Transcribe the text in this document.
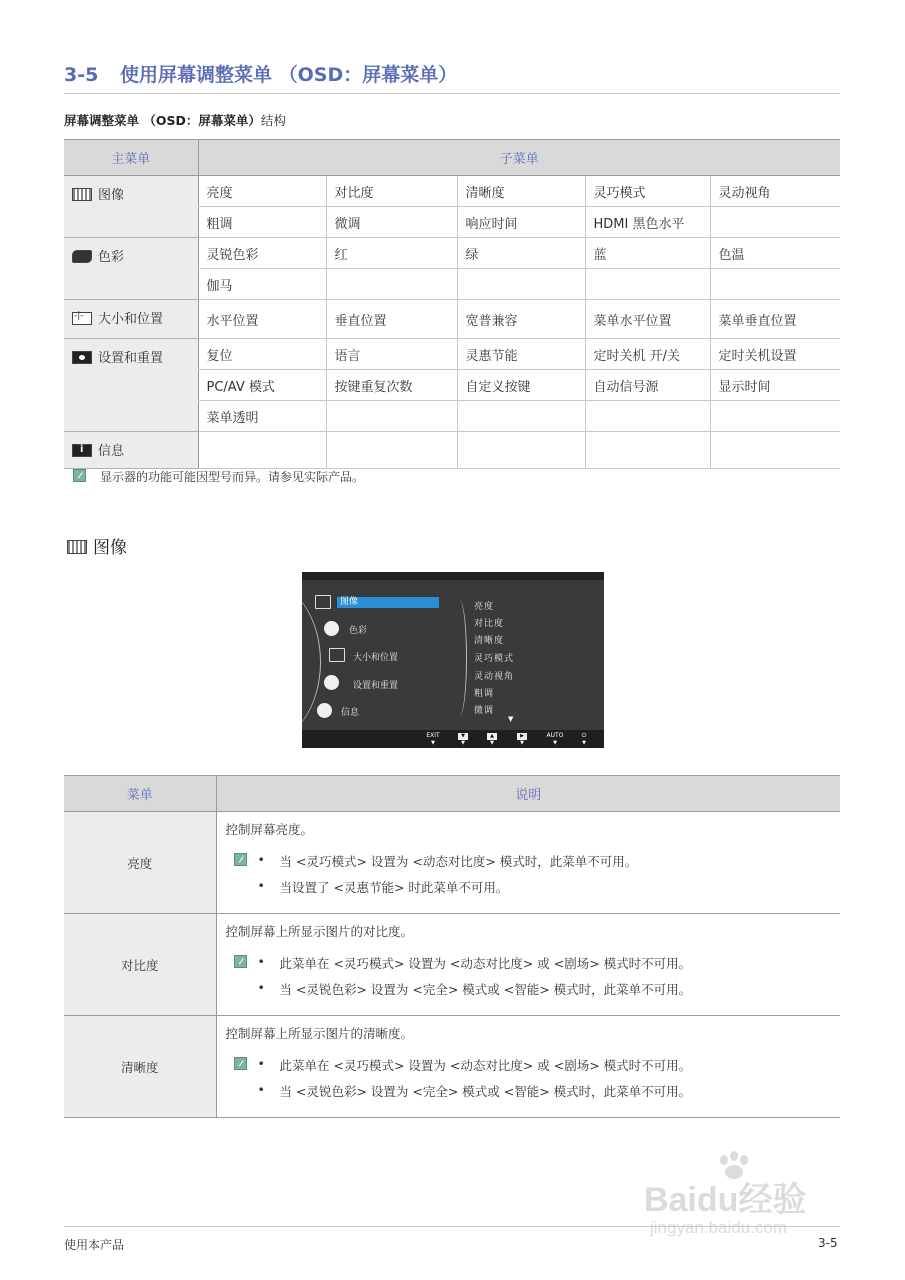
3-5 使用屏幕调整菜单 （OSD：屏幕菜单）
屏幕调整菜单 （OSD：屏幕菜单）结构
主菜单	子菜单				
图像	亮度	对比度	清晰度	灵巧模式	灵动视角
	粗调	微调	响应时间	HDMI 黑色水平	
色彩	灵锐色彩	红	绿	蓝	色温
	伽马				
-|-大小和位置	水平位置	垂直位置	宽普兼容	菜单水平位置	菜单垂直位置
设置和重置	复位	语言	灵惠节能	定时关机 开/关	定时关机设置
	PC/AV 模式	按键重复次数	自定义按键	自动信号源	显示时间
	菜单透明				
i信息					
显示器的功能可能因型号而异。请参见实际产品。
图像
图像
色彩
大小和位置
设置和重置
信息
亮度
对比度
清晰度
灵巧模式
灵动视角
粗调
微调
▼
EXIT
▼
▼
▼
▲
▼
▶
▼
AUTO
▼
⏻
▼
菜单	说明
亮度	控制屏幕亮度。
• 当 <灵巧模式> 设置为 <动态对比度> 模式时，此菜单不可用。
• 当设置了 <灵惠节能> 时此菜单不可用。

对比度	控制屏幕上所显示图片的对比度。
• 此菜单在 <灵巧模式> 设置为 <动态对比度> 或 <剧场> 模式时不可用。
• 当 <灵锐色彩> 设置为 <完全> 模式或 <智能> 模式时，此菜单不可用。

清晰度	控制屏幕上所显示图片的清晰度。
• 此菜单在 <灵巧模式> 设置为 <动态对比度> 或 <剧场> 模式时不可用。
• 当 <灵锐色彩> 设置为 <完全> 模式或 <智能> 模式时，此菜单不可用。
Baidu经验
jingyan.baidu.com
使用本产品	3-5
